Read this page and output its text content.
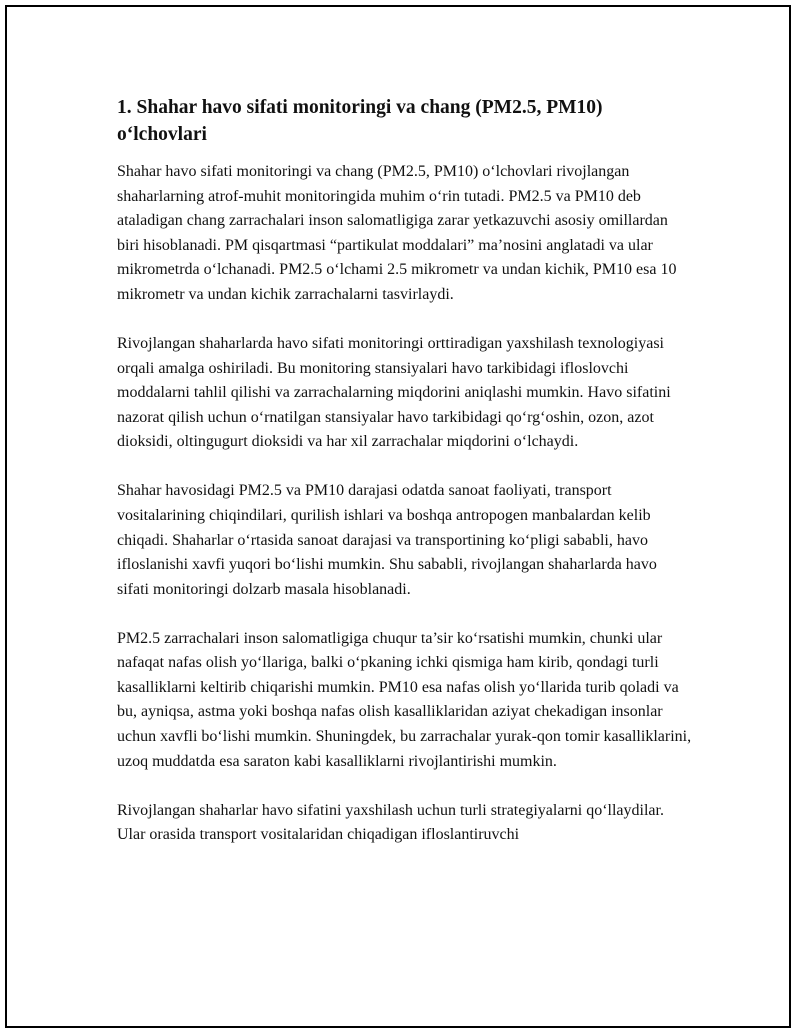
1. Shahar havo sifati monitoringi va chang (PM2.5, PM10) o‘lchovlari

Shahar havo sifati monitoringi va chang (PM2.5, PM10) o‘lchovlari rivojlangan shaharlarning atrof-muhit monitoringida muhim o‘rin tutadi. PM2.5 va PM10 deb ataladigan chang zarrachalari inson salomatligiga zarar yetkazuvchi asosiy omillardan biri hisoblanadi. PM qisqartmasi “partikulat moddalari” ma’nosini anglatadi va ular mikrometrda o‘lchanadi. PM2.5 o‘lchami 2.5 mikrometr va undan kichik, PM10 esa 10 mikrometr va undan kichik zarrachalarni tasvirlaydi.

Rivojlangan shaharlarda havo sifati monitoringi orttiradigan yaxshilash texnologiyasi orqali amalga oshiriladi. Bu monitoring stansiyalari havo tarkibidagi ifloslovchi moddalarni tahlil qilishi va zarrachalarning miqdorini aniqlashi mumkin. Havo sifatini nazorat qilish uchun o‘rnatilgan stansiyalar havo tarkibidagi qo‘rg‘oshin, ozon, azot dioksidi, oltingugurt dioksidi va har xil zarrachalar miqdorini o‘lchaydi.

Shahar havosidagi PM2.5 va PM10 darajasi odatda sanoat faoliyati, transport vositalarining chiqindilari, qurilish ishlari va boshqa antropogen manbalardan kelib chiqadi. Shaharlar o‘rtasida sanoat darajasi va transportining ko‘pligi sababli, havo ifloslanishi xavfi yuqori bo‘lishi mumkin. Shu sababli, rivojlangan shaharlarda havo sifati monitoringi dolzarb masala hisoblanadi.

PM2.5 zarrachalari inson salomatligiga chuqur ta’sir ko‘rsatishi mumkin, chunki ular nafaqat nafas olish yo‘llariga, balki o‘pkaning ichki qismiga ham kirib, qondagi turli kasalliklarni keltirib chiqarishi mumkin. PM10 esa nafas olish yo‘llarida turib qoladi va bu, ayniqsa, astma yoki boshqa nafas olish kasalliklaridan aziyat chekadigan insonlar uchun xavfli bo‘lishi mumkin. Shuningdek, bu zarrachalar yurak-qon tomir kasalliklarini, uzoq muddatda esa saraton kabi kasalliklarni rivojlantirishi mumkin.

Rivojlangan shaharlar havo sifatini yaxshilash uchun turli strategiyalarni qo‘llaydilar. Ular orasida transport vositalaridan chiqadigan ifloslantiruvchi
